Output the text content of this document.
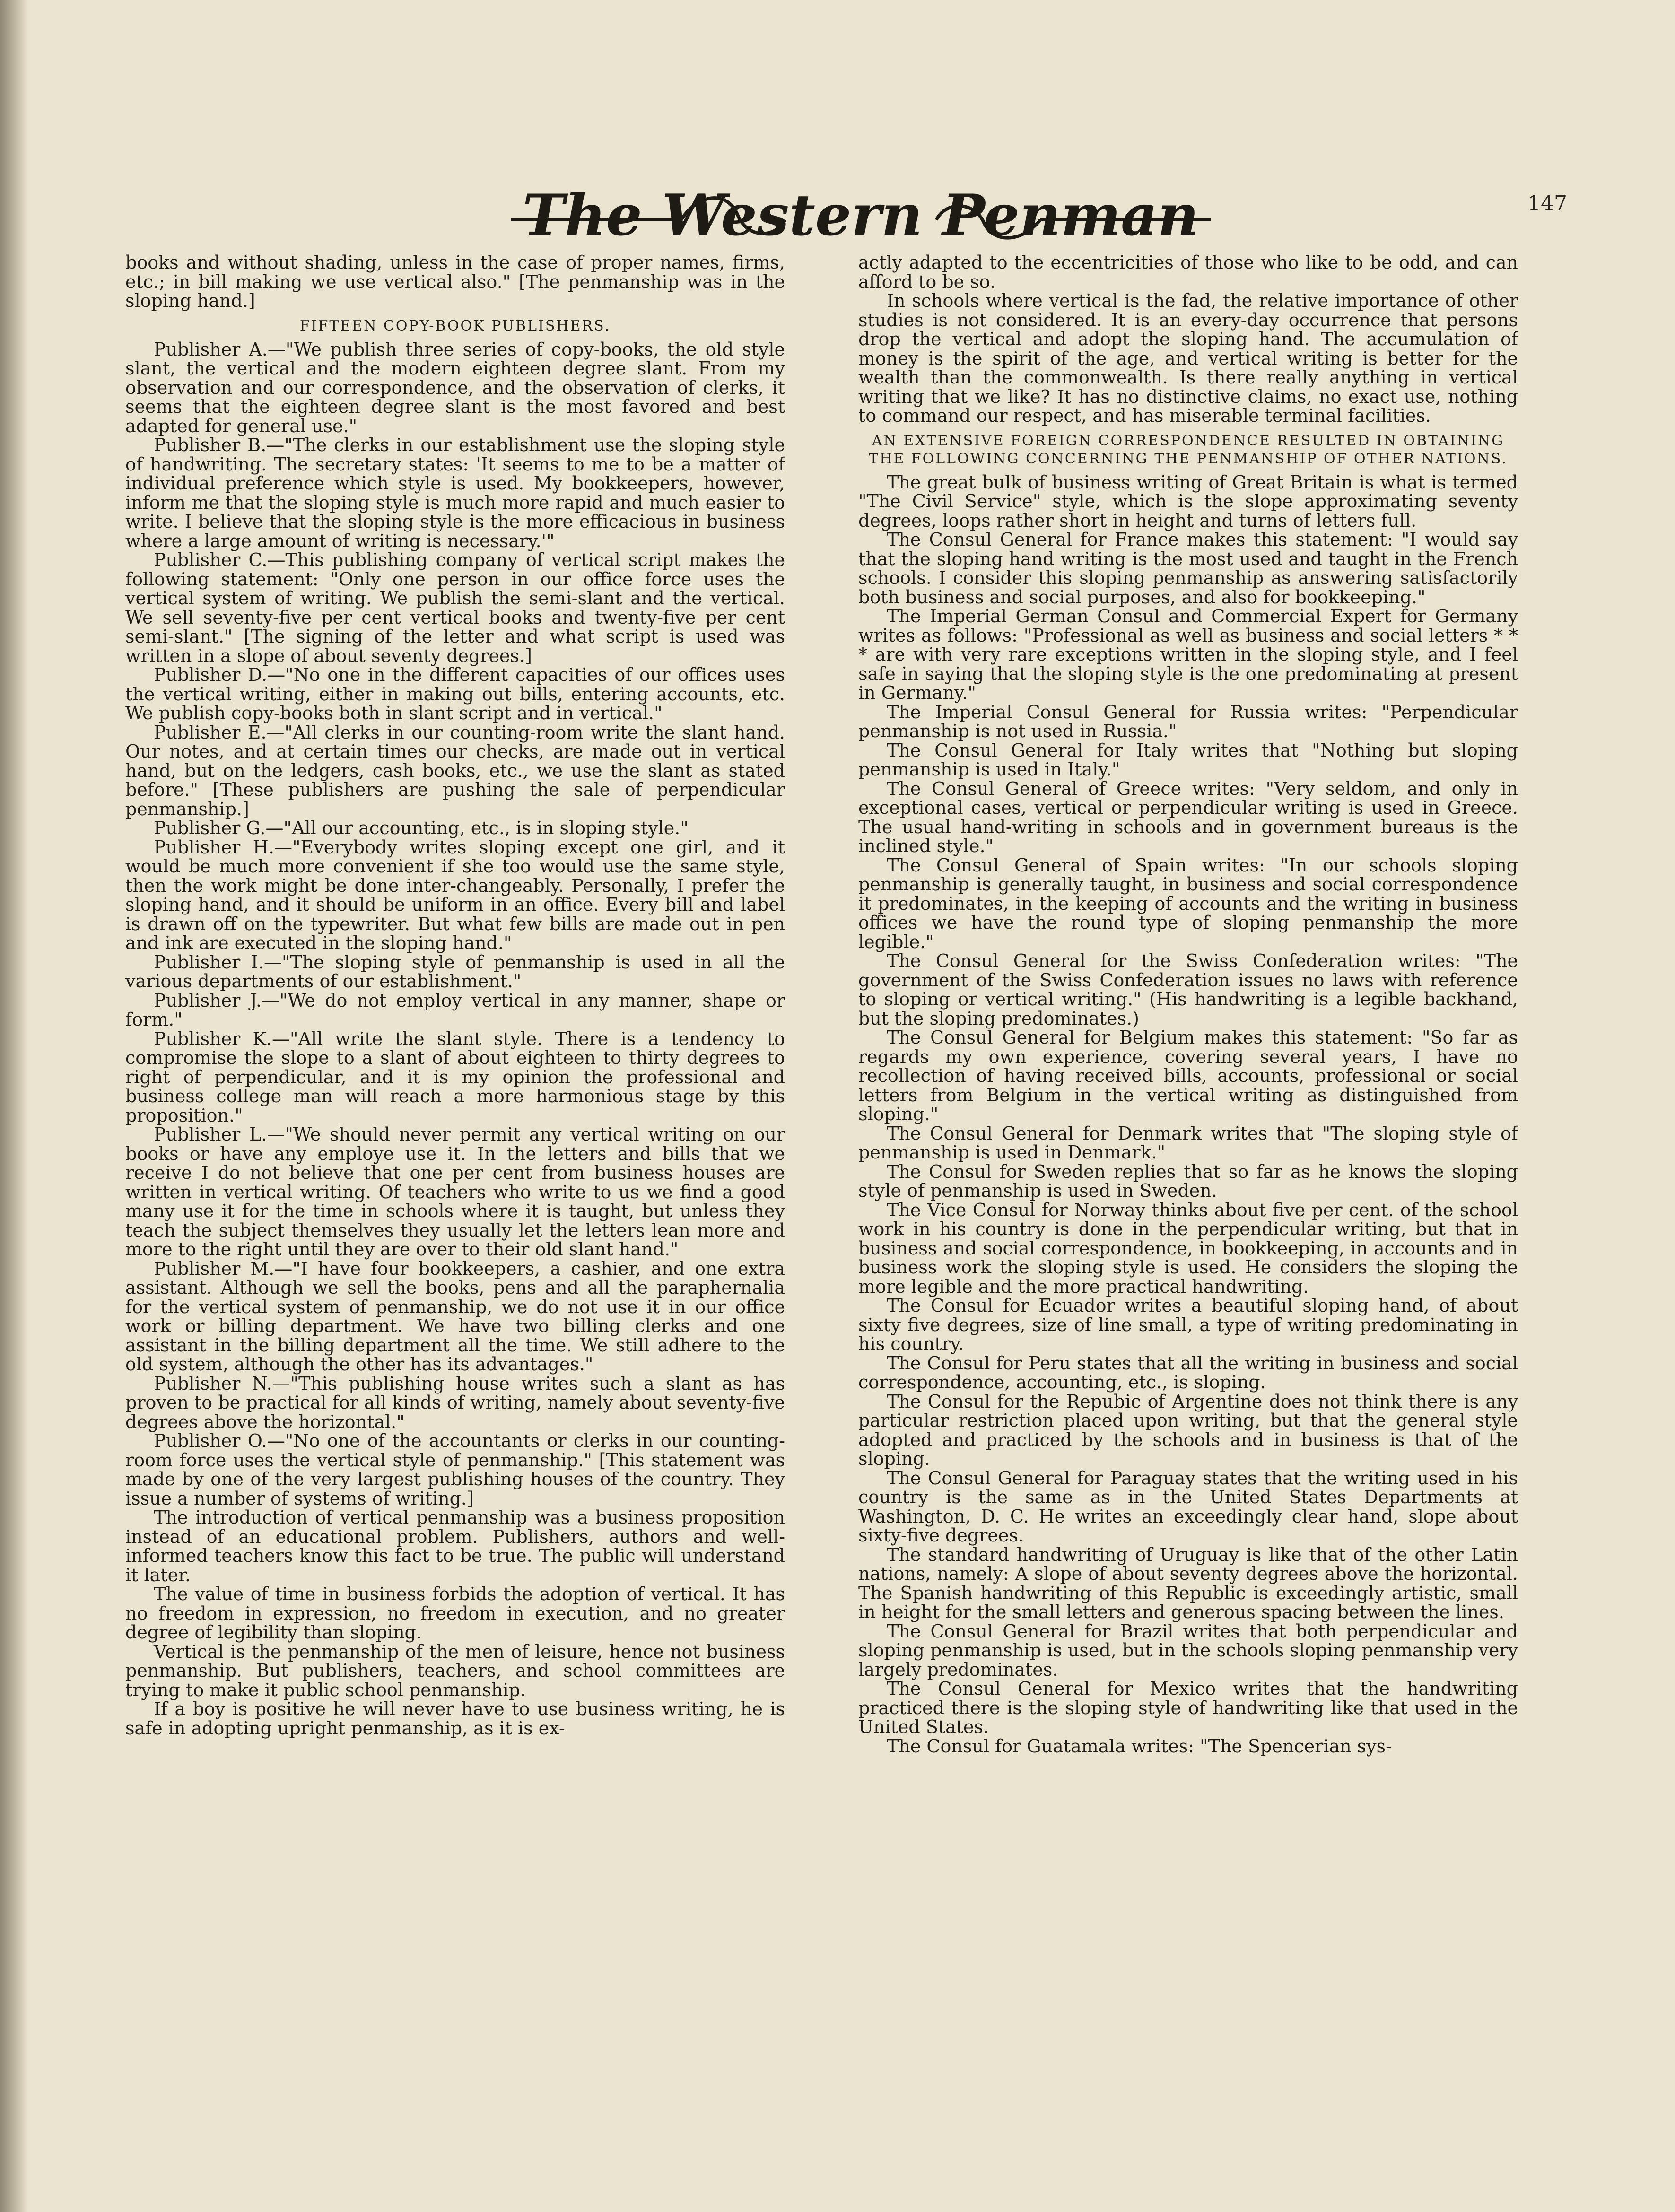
The Western Penman	147

books and without shading, unless in the case of proper names, firms, etc.; in bill making we use vertical also." [The penmanship was in the sloping hand.]

FIFTEEN COPY-BOOK PUBLISHERS.

Publisher A.—"We publish three series of copy-books, the old style slant, the vertical and the modern eighteen degree slant. From my observation and our correspondence, and the observation of clerks, it seems that the eighteen degree slant is the most favored and best adapted for general use."

Publisher B.—"The clerks in our establishment use the sloping style of handwriting. The secretary states: 'It seems to me to be a matter of individual preference which style is used. My bookkeepers, however, inform me that the sloping style is much more rapid and much easier to write. I believe that the sloping style is the more efficacious in business where a large amount of writing is necessary.'"

Publisher C.—This publishing company of vertical script makes the following statement: "Only one person in our office force uses the vertical system of writing. We publish the semi-slant and the vertical. We sell seventy-five per cent vertical books and twenty-five per cent semi-slant." [The signing of the letter and what script is used was written in a slope of about seventy degrees.]

Publisher D.—"No one in the different capacities of our offices uses the vertical writing, either in making out bills, entering accounts, etc. We publish copy-books both in slant script and in vertical."

Publisher E.—"All clerks in our counting-room write the slant hand. Our notes, and at certain times our checks, are made out in vertical hand, but on the ledgers, cash books, etc., we use the slant as stated before." [These publishers are pushing the sale of perpendicular penmanship.]

Publisher G.—"All our accounting, etc., is in sloping style."

Publisher H.—"Everybody writes sloping except one girl, and it would be much more convenient if she too would use the same style, then the work might be done inter-changeably. Personally, I prefer the sloping hand, and it should be uniform in an office. Every bill and label is drawn off on the typewriter. But what few bills are made out in pen and ink are executed in the sloping hand."

Publisher I.—"The sloping style of penmanship is used in all the various departments of our establishment."

Publisher J.—"We do not employ vertical in any manner, shape or form."

Publisher K.—"All write the slant style. There is a tendency to compromise the slope to a slant of about eighteen to thirty degrees to right of perpendicular, and it is my opinion the professional and business college man will reach a more harmonious stage by this proposition."

Publisher L.—"We should never permit any vertical writing on our books or have any employe use it. In the letters and bills that we receive I do not believe that one per cent from business houses are written in vertical writing. Of teachers who write to us we find a good many use it for the time in schools where it is taught, but unless they teach the subject themselves they usually let the letters lean more and more to the right until they are over to their old slant hand."

Publisher M.—"I have four bookkeepers, a cashier, and one extra assistant. Although we sell the books, pens and all the paraphernalia for the vertical system of penmanship, we do not use it in our office work or billing department. We have two billing clerks and one assistant in the billing department all the time. We still adhere to the old system, although the other has its advantages."

Publisher N.—"This publishing house writes such a slant as has proven to be practical for all kinds of writing, namely about seventy-five degrees above the horizontal."

Publisher O.—"No one of the accountants or clerks in our counting-room force uses the vertical style of penmanship." [This statement was made by one of the very largest publishing houses of the country. They issue a number of systems of writing.]

The introduction of vertical penmanship was a business proposition instead of an educational problem. Publishers, authors and well-informed teachers know this fact to be true. The public will understand it later.

The value of time in business forbids the adoption of vertical. It has no freedom in expression, no freedom in execution, and no greater degree of legibility than sloping.

Vertical is the penmanship of the men of leisure, hence not business penmanship. But publishers, teachers, and school committees are trying to make it public school penmanship.

If a boy is positive he will never have to use business writing, he is safe in adopting upright penmanship, as it is ex-

actly adapted to the eccentricities of those who like to be odd, and can afford to be so.

In schools where vertical is the fad, the relative importance of other studies is not considered. It is an every-day occurrence that persons drop the vertical and adopt the sloping hand. The accumulation of money is the spirit of the age, and vertical writing is better for the wealth than the commonwealth. Is there really anything in vertical writing that we like? It has no distinctive claims, no exact use, nothing to command our respect, and has miserable terminal facilities.

AN EXTENSIVE FOREIGN CORRESPONDENCE RESULTED IN OBTAINING THE FOLLOWING CONCERNING THE PENMANSHIP OF OTHER NATIONS.

The great bulk of business writing of Great Britain is what is termed "The Civil Service" style, which is the slope approximating seventy degrees, loops rather short in height and turns of letters full.

The Consul General for France makes this statement: "I would say that the sloping hand writing is the most used and taught in the French schools. I consider this sloping penmanship as answering satisfactorily both business and social purposes, and also for bookkeeping."

The Imperial German Consul and Commercial Expert for Germany writes as follows: "Professional as well as business and social letters * * * are with very rare exceptions written in the sloping style, and I feel safe in saying that the sloping style is the one predominating at present in Germany."

The Imperial Consul General for Russia writes: "Perpendicular penmanship is not used in Russia."

The Consul General for Italy writes that "Nothing but sloping penmanship is used in Italy."

The Consul General of Greece writes: "Very seldom, and only in exceptional cases, vertical or perpendicular writing is used in Greece. The usual hand-writing in schools and in government bureaus is the inclined style."

The Consul General of Spain writes: "In our schools sloping penmanship is generally taught, in business and social correspondence it predominates, in the keeping of accounts and the writing in business offices we have the round type of sloping penmanship the more legible."

The Consul General for the Swiss Confederation writes: "The government of the Swiss Confederation issues no laws with reference to sloping or vertical writing." (His handwriting is a legible backhand, but the sloping predominates.)

The Consul General for Belgium makes this statement: "So far as regards my own experience, covering several years, I have no recollection of having received bills, accounts, professional or social letters from Belgium in the vertical writing as distinguished from sloping."

The Consul General for Denmark writes that "The sloping style of penmanship is used in Denmark."

The Consul for Sweden replies that so far as he knows the sloping style of penmanship is used in Sweden.

The Vice Consul for Norway thinks about five per cent. of the school work in his country is done in the perpendicular writing, but that in business and social correspondence, in bookkeeping, in accounts and in business work the sloping style is used. He considers the sloping the more legible and the more practical handwriting.

The Consul for Ecuador writes a beautiful sloping hand, of about sixty five degrees, size of line small, a type of writing predominating in his country.

The Consul for Peru states that all the writing in business and social correspondence, accounting, etc., is sloping.

The Consul for the Repubic of Argentine does not think there is any particular restriction placed upon writing, but that the general style adopted and practiced by the schools and in business is that of the sloping.

The Consul General for Paraguay states that the writing used in his country is the same as in the United States Departments at Washington, D. C. He writes an exceedingly clear hand, slope about sixty-five degrees.

The standard handwriting of Uruguay is like that of the other Latin nations, namely: A slope of about seventy degrees above the horizontal. The Spanish handwriting of this Republic is exceedingly artistic, small in height for the small letters and generous spacing between the lines.

The Consul General for Brazil writes that both perpendicular and sloping penmanship is used, but in the schools sloping penmanship very largely predominates.

The Consul General for Mexico writes that the handwriting practiced there is the sloping style of handwriting like that used in the United States.

The Consul for Guatamala writes: "The Spencerian sys-
